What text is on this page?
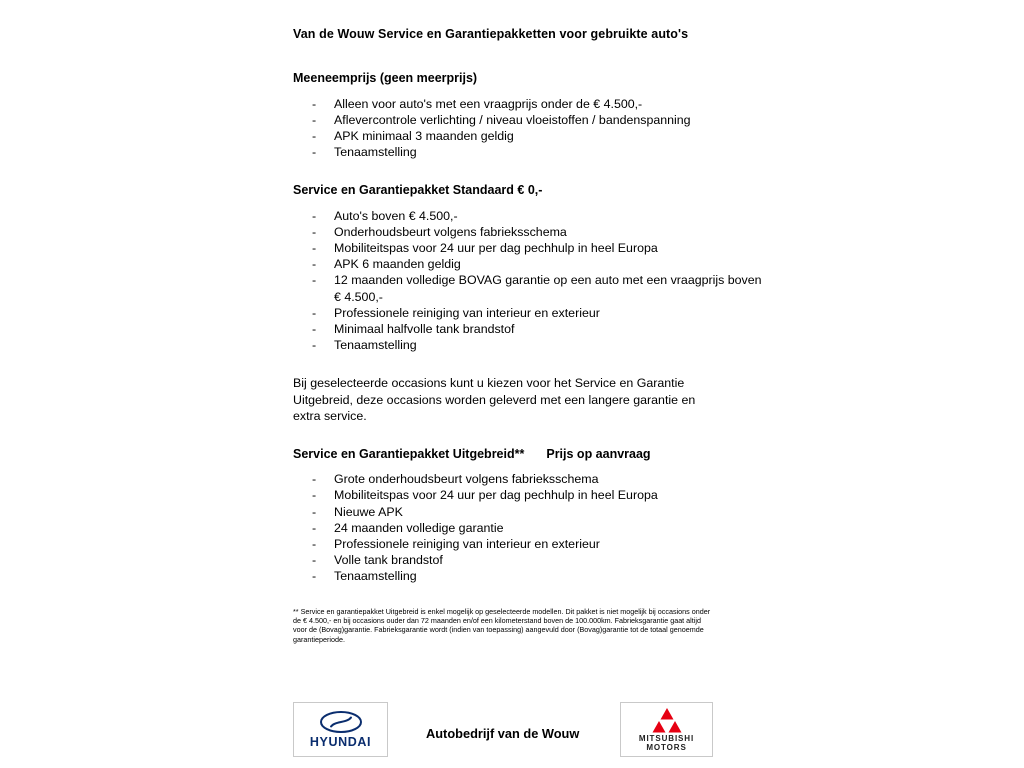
Van de Wouw Service en Garantiepakketten voor gebruikte auto's
Meeneemprijs (geen meerprijs)
- Alleen voor auto's met een vraagprijs onder de € 4.500,-
- Aflevercontrole verlichting / niveau vloeistoffen / bandenspanning
- APK minimaal 3 maanden geldig
- Tenaamstelling
Service en Garantiepakket Standaard € 0,-
- Auto's boven € 4.500,-
- Onderhoudsbeurt volgens fabrieksschema
- Mobiliteitspas voor 24 uur per dag pechhulp in heel Europa
- APK 6 maanden geldig
- 12 maanden volledige BOVAG garantie op een auto met een vraagprijs boven € 4.500,-
- Professionele reiniging van interieur en exterieur
- Minimaal halfvolle tank brandstof
- Tenaamstelling
Bij geselecteerde occasions kunt u kiezen voor het Service en Garantie Uitgebreid, deze occasions worden geleverd met een langere garantie en extra service.
Service en Garantiepakket Uitgebreid** Prijs op aanvraag
- Grote onderhoudsbeurt volgens fabrieksschema
- Mobiliteitspas voor 24 uur per dag pechhulp in heel Europa
- Nieuwe APK
- 24 maanden volledige garantie
- Professionele reiniging van interieur en exterieur
- Volle tank brandstof
- Tenaamstelling
** Service en garantiepakket Uitgebreid is enkel mogelijk op geselecteerde modellen. Dit pakket is niet mogelijk bij occasions onder de € 4.500,- en bij occasions ouder dan 72 maanden en/of een kilometerstand boven de 100.000km. Fabrieksgarantie gaat altijd voor de (Bovag)garantie. Fabrieksgarantie wordt (indien van toepassing) aangevuld door (Bovag)garantie tot de totaal genoemde garantieperiode.
HYUNDAI
Autobedrijf van de Wouw	MITSUBISHI
MOTORS
